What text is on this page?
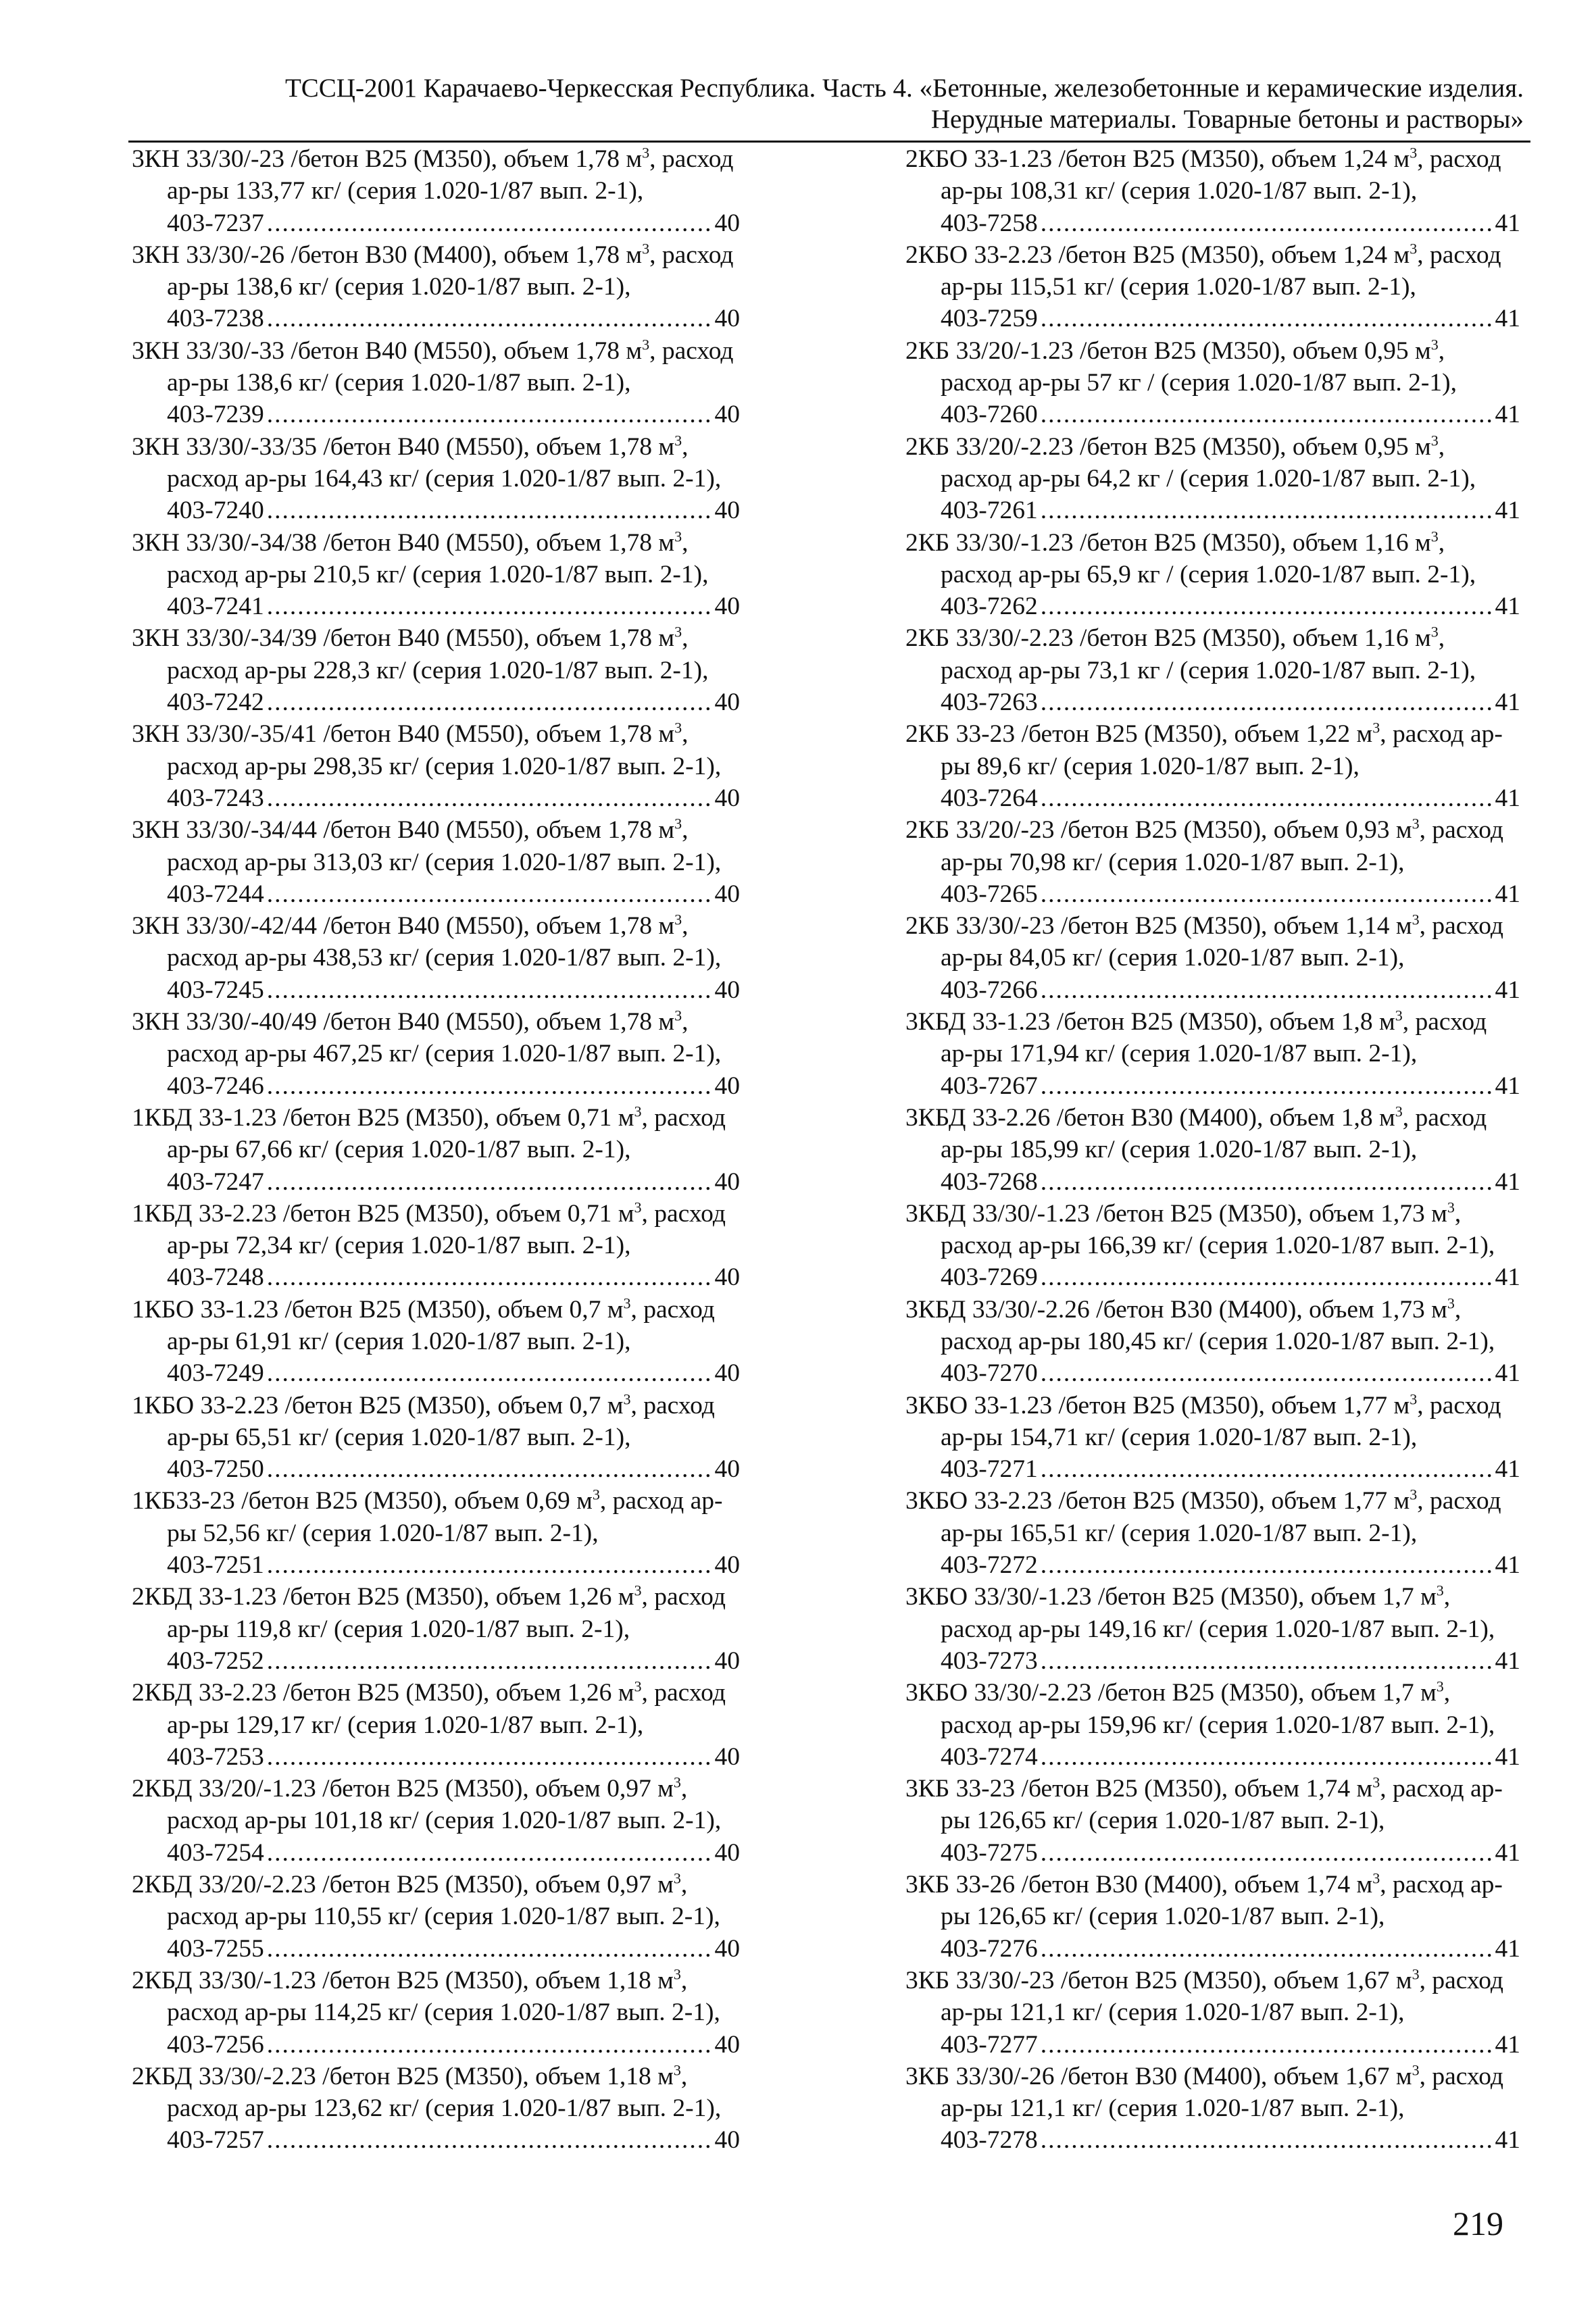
ТССЦ-2001 Карачаево-Черкесская Республика. Часть 4. «Бетонные, железобетонные и керамические изделия.
Нерудные материалы. Товарные бетоны и растворы»

3КН 33/30/-23 /бетон В25 (М350), объем 1,78 $м^3$, расход ар-ры 133,77 кг/ (серия 1.020-1/87 вып. 2-1),
403-7237 .....	40

3КН 33/30/-26 /бетон В30 (М400), объем 1,78 $м^3$, расход ар-ры 138,6 кг/ (серия 1.020-1/87 вып. 2-1),
403-7238 .....	40

3КН 33/30/-33 /бетон В40 (М550), объем 1,78 $м^3$, расход ар-ры 138,6 кг/ (серия 1.020-1/87 вып. 2-1),
403-7239 .....	40

3КН 33/30/-33/35 /бетон В40 (М550), объем 1,78 $м^3$, расход ар-ры 164,43 кг/ (серия 1.020-1/87 вып. 2-1),
403-7240 .....	40

3КН 33/30/-34/38 /бетон В40 (М550), объем 1,78 $м^3$, расход ар-ры 210,5 кг/ (серия 1.020-1/87 вып. 2-1),
403-7241 .....	40

3КН 33/30/-34/39 /бетон В40 (М550), объем 1,78 $м^3$, расход ар-ры 228,3 кг/ (серия 1.020-1/87 вып. 2-1),
403-7242 .....	40

3КН 33/30/-35/41 /бетон В40 (М550), объем 1,78 $м^3$, расход ар-ры 298,35 кг/ (серия 1.020-1/87 вып. 2-1),
403-7243 .....	40

3КН 33/30/-34/44 /бетон В40 (М550), объем 1,78 $м^3$, расход ар-ры 313,03 кг/ (серия 1.020-1/87 вып. 2-1),
403-7244 .....	40

3КН 33/30/-42/44 /бетон В40 (М550), объем 1,78 $м^3$, расход ар-ры 438,53 кг/ (серия 1.020-1/87 вып. 2-1),
403-7245 .....	40

3КН 33/30/-40/49 /бетон В40 (М550), объем 1,78 $м^3$, расход ар-ры 467,25 кг/ (серия 1.020-1/87 вып. 2-1),
403-7246 .....	40

1КБД 33-1.23 /бетон В25 (М350), объем 0,71 $м^3$, расход ар-ры 67,66 кг/ (серия 1.020-1/87 вып. 2-1),
403-7247 .....	40

1КБД 33-2.23 /бетон В25 (М350), объем 0,71 $м^3$, расход ар-ры 72,34 кг/ (серия 1.020-1/87 вып. 2-1),
403-7248 .....	40

1КБО 33-1.23 /бетон В25 (М350), объем 0,7 $м^3$, расход ар-ры 61,91 кг/ (серия 1.020-1/87 вып. 2-1),
403-7249 .....	40

1КБО 33-2.23 /бетон В25 (М350), объем 0,7 $м^3$, расход ар-ры 65,51 кг/ (серия 1.020-1/87 вып. 2-1),
403-7250 .....	40

1КБ33-23 /бетон В25 (М350), объем 0,69 $м^3$, расход ар-ры 52,56 кг/ (серия 1.020-1/87 вып. 2-1),
403-7251 .....	40

2КБД 33-1.23 /бетон В25 (М350), объем 1,26 $м^3$, расход ар-ры 119,8 кг/ (серия 1.020-1/87 вып. 2-1),
403-7252 .....	40

2КБД 33-2.23 /бетон В25 (М350), объем 1,26 $м^3$, расход ар-ры 129,17 кг/ (серия 1.020-1/87 вып. 2-1),
403-7253 .....	40

2КБД 33/20/-1.23 /бетон В25 (М350), объем 0,97 $м^3$, расход ар-ры 101,18 кг/ (серия 1.020-1/87 вып. 2-1),
403-7254 .....	40

2КБД 33/20/-2.23 /бетон В25 (М350), объем 0,97 $м^3$, расход ар-ры 110,55 кг/ (серия 1.020-1/87 вып. 2-1),
403-7255 .....	40

2КБД 33/30/-1.23 /бетон В25 (М350), объем 1,18 $м^3$, расход ар-ры 114,25 кг/ (серия 1.020-1/87 вып. 2-1),
403-7256 .....	40

2КБД 33/30/-2.23 /бетон В25 (М350), объем 1,18 $м^3$, расход ар-ры 123,62 кг/ (серия 1.020-1/87 вып. 2-1),
403-7257 .....	40

2КБО 33-1.23 /бетон В25 (М350), объем 1,24 $м^3$, расход ар-ры 108,31 кг/ (серия 1.020-1/87 вып. 2-1),
403-7258 .....	41

2КБО 33-2.23 /бетон В25 (М350), объем 1,24 $м^3$, расход ар-ры 115,51 кг/ (серия 1.020-1/87 вып. 2-1),
403-7259 .....	41

2КБ 33/20/-1.23 /бетон В25 (М350), объем 0,95 $м^3$, расход ар-ры 57 кг / (серия 1.020-1/87 вып. 2-1),
403-7260 .....	41

2КБ 33/20/-2.23 /бетон В25 (М350), объем 0,95 $м^3$, расход ар-ры 64,2 кг / (серия 1.020-1/87 вып. 2-1),
403-7261 .....	41

2КБ 33/30/-1.23 /бетон В25 (М350), объем 1,16 $м^3$, расход ар-ры 65,9 кг / (серия 1.020-1/87 вып. 2-1),
403-7262 .....	41

2КБ 33/30/-2.23 /бетон В25 (М350), объем 1,16 $м^3$, расход ар-ры 73,1 кг / (серия 1.020-1/87 вып. 2-1),
403-7263 .....	41

2КБ 33-23 /бетон В25 (М350), объем 1,22 $м^3$, расход ар-ры 89,6 кг/ (серия 1.020-1/87 вып. 2-1),
403-7264 .....	41

2КБ 33/20/-23 /бетон В25 (М350), объем 0,93 $м^3$, расход ар-ры 70,98 кг/ (серия 1.020-1/87 вып. 2-1),
403-7265 .....	41

2КБ 33/30/-23 /бетон В25 (М350), объем 1,14 $м^3$, расход ар-ры 84,05 кг/ (серия 1.020-1/87 вып. 2-1),
403-7266 .....	41

3КБД 33-1.23 /бетон В25 (М350), объем 1,8 $м^3$, расход ар-ры 171,94 кг/ (серия 1.020-1/87 вып. 2-1),
403-7267 .....	41

3КБД 33-2.26 /бетон В30 (М400), объем 1,8 $м^3$, расход ар-ры 185,99 кг/ (серия 1.020-1/87 вып. 2-1),
403-7268 .....	41

3КБД 33/30/-1.23 /бетон В25 (М350), объем 1,73 $м^3$, расход ар-ры 166,39 кг/ (серия 1.020-1/87 вып. 2-1),
403-7269 .....	41

3КБД 33/30/-2.26 /бетон В30 (М400), объем 1,73 $м^3$, расход ар-ры 180,45 кг/ (серия 1.020-1/87 вып. 2-1),
403-7270 .....	41

3КБО 33-1.23 /бетон В25 (М350), объем 1,77 $м^3$, расход ар-ры 154,71 кг/ (серия 1.020-1/87 вып. 2-1),
403-7271 .....	41

3КБО 33-2.23 /бетон В25 (М350), объем 1,77 $м^3$, расход ар-ры 165,51 кг/ (серия 1.020-1/87 вып. 2-1),
403-7272 .....	41

3КБО 33/30/-1.23 /бетон В25 (М350), объем 1,7 $м^3$, расход ар-ры 149,16 кг/ (серия 1.020-1/87 вып. 2-1),
403-7273 .....	41

3КБО 33/30/-2.23 /бетон В25 (М350), объем 1,7 $м^3$, расход ар-ры 159,96 кг/ (серия 1.020-1/87 вып. 2-1),
403-7274 .....	41

3КБ 33-23 /бетон В25 (М350), объем 1,74 $м^3$, расход ар-ры 126,65 кг/ (серия 1.020-1/87 вып. 2-1),
403-7275 .....	41

3КБ 33-26 /бетон В30 (М400), объем 1,74 $м^3$, расход ар-ры 126,65 кг/ (серия 1.020-1/87 вып. 2-1),
403-7276 .....	41

3КБ 33/30/-23 /бетон В25 (М350), объем 1,67 $м^3$, расход ар-ры 121,1 кг/ (серия 1.020-1/87 вып. 2-1),
403-7277 .....	41

3КБ 33/30/-26 /бетон В30 (М400), объем 1,67 $м^3$, расход ар-ры 121,1 кг/ (серия 1.020-1/87 вып. 2-1),
403-7278 .....	41

219
